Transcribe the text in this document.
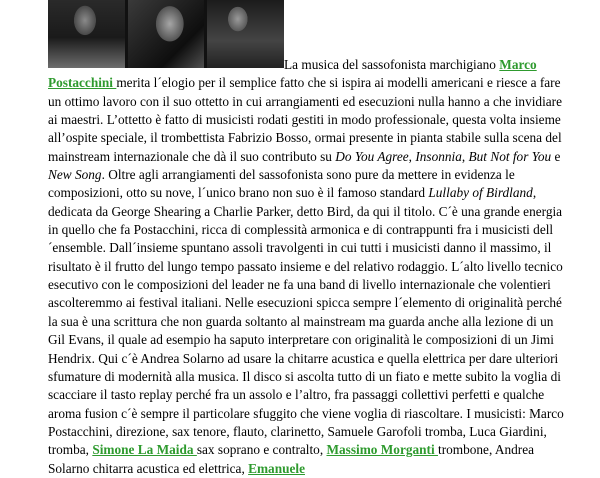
La musica del sassofonista marchigiano Marco Postacchini merita l´elogio per il semplice fatto che si ispira ai modelli americani e riesce a fare un ottimo lavoro con il suo ottetto in cui arrangiamenti ed esecuzioni nulla hanno a che invidiare ai maestri. L’ottetto è fatto di musicisti rodati gestiti in modo professionale, questa volta insieme all’ospite speciale, il trombettista Fabrizio Bosso, ormai presente in pianta stabile sulla scena del mainstream internazionale che dà il suo contributo su Do You Agree, Insonnia, But Not for You e New Song. Oltre agli arrangiamenti del sassofonista sono pure da mettere in evidenza le composizioni, otto su nove, l´unico brano non suo è il famoso standard Lullaby of Birdland, dedicata da George Shearing a Charlie Parker, detto Bird, da qui il titolo. C´è una grande energia in quello che fa Postacchini, ricca di complessità armonica e di contrappunti fra i musicisti dell´ensemble. Dall´insieme spuntano assoli travolgenti in cui tutti i musicisti danno il massimo, il risultato è il frutto del lungo tempo passato insieme e del relativo rodaggio. L´alto livello tecnico esecutivo con le composizioni del leader ne fa una band di livello internazionale che volentieri ascolteremmo ai festival italiani. Nelle esecuzioni spicca sempre l´elemento di originalità perché la sua è una scrittura che non guarda soltanto al mainstream ma guarda anche alla lezione di un Gil Evans, il quale ad esempio ha saputo interpretare con originalità le composizioni di un Jimi Hendrix. Qui c´è Andrea Solarno ad usare la chitarre acustica e quella elettrica per dare ulteriori sfumature di modernità alla musica. Il disco si ascolta tutto di un fiato e mette subito la voglia di scacciare il tasto replay perché fra un assolo e l’altro, fra passaggi collettivi perfetti e qualche aroma fusion c´è sempre il particolare sfuggito che viene voglia di riascoltare. I musicisti: Marco Postacchini, direzione, sax tenore, flauto, clarinetto, Samuele Garofoli tromba, Luca Giardini, tromba, Simone La Maida sax soprano e contralto, Massimo Morganti trombone, Andrea Solarno chitarra acustica ed elettrica, Emanuele
